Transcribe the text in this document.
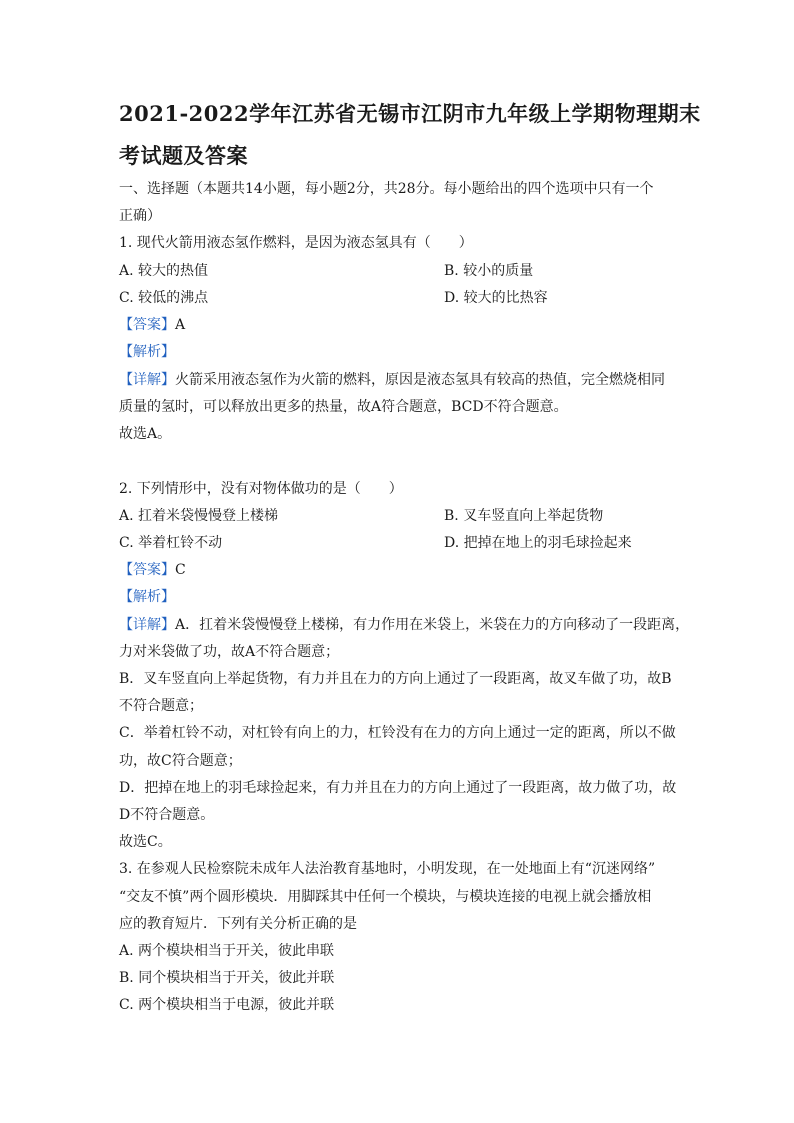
2021-2022学年江苏省无锡市江阴市九年级上学期物理期末
考试题及答案
一、选择题（本题共14小题，每小题2分，共28分。每小题给出的四个选项中只有一个
正确）
1. 现代火箭用液态氢作燃料，是因为液态氢具有（　　）
A. 较大的热值	B. 较小的质量
C. 较低的沸点	D. 较大的比热容
【答案】A
【解析】
【详解】火箭采用液态氢作为火箭的燃料，原因是液态氢具有较高的热值，完全燃烧相同
质量的氢时，可以释放出更多的热量，故A符合题意，BCD不符合题意。
故选A。
2. 下列情形中，没有对物体做功的是（　　）
A. 扛着米袋慢慢登上楼梯	B. 叉车竖直向上举起货物
C. 举着杠铃不动	D. 把掉在地上的羽毛球捡起来
【答案】C
【解析】
【详解】A．扛着米袋慢慢登上楼梯，有力作用在米袋上，米袋在力的方向移动了一段距离，
力对米袋做了功，故A不符合题意；
B．叉车竖直向上举起货物，有力并且在力的方向上通过了一段距离，故叉车做了功，故B
不符合题意；
C．举着杠铃不动，对杠铃有向上的力，杠铃没有在力的方向上通过一定的距离，所以不做
功，故C符合题意；
D．把掉在地上的羽毛球捡起来，有力并且在力的方向上通过了一段距离，故力做了功，故
D不符合题意。
故选C。
3. 在参观人民检察院未成年人法治教育基地时，小明发现，在一处地面上有“沉迷网络”
“交友不慎”两个圆形模块．用脚踩其中任何一个模块，与模块连接的电视上就会播放相
应的教育短片．下列有关分析正确的是
A. 两个模块相当于开关，彼此串联
B. 同个模块相当于开关，彼此并联
C. 两个模块相当于电源，彼此并联
